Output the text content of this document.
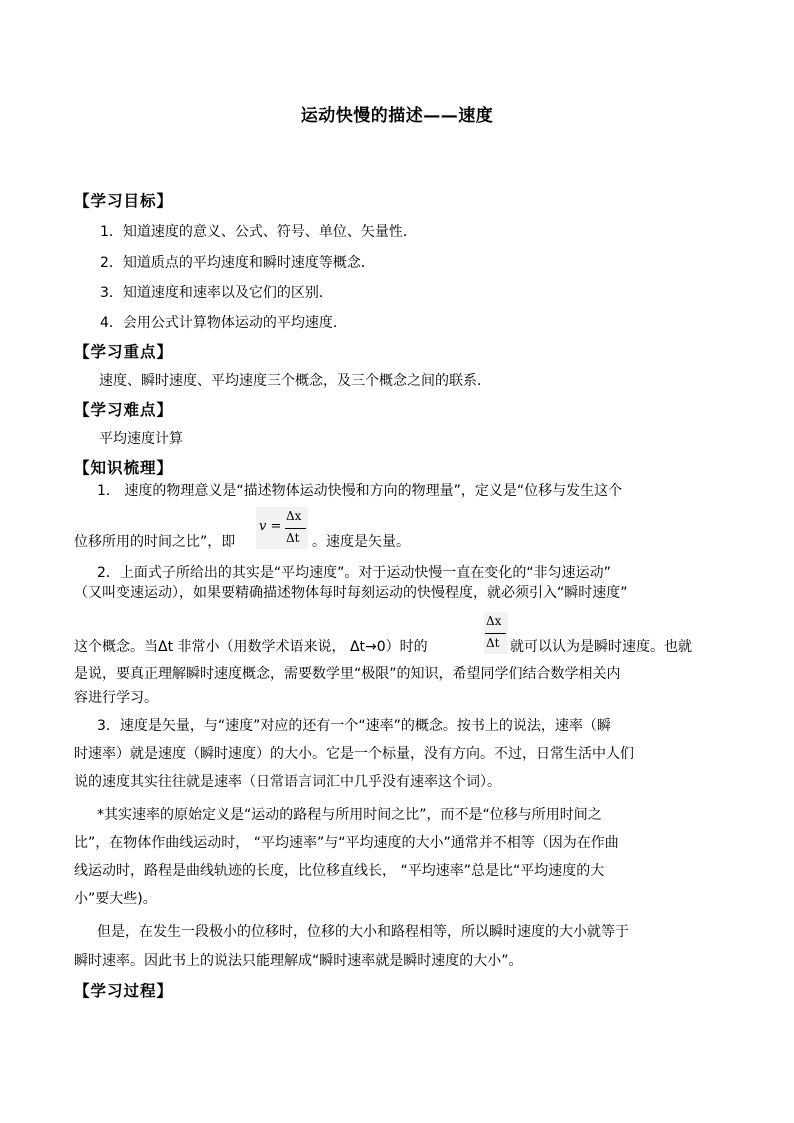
运动快慢的描述——速度
【学习目标】
1．知道速度的意义、公式、符号、单位、矢量性．
2．知道质点的平均速度和瞬时速度等概念．
3．知道速度和速率以及它们的区别．
4．会用公式计算物体运动的平均速度．
【学习重点】
速度、瞬时速度、平均速度三个概念，及三个概念之间的联系．
【学习难点】
平均速度计算
【知识梳理】
1． 速度的物理意义是“描述物体运动快慢和方向的物理量”，定义是“位移与发生这个
位移所用的时间之比”，即
v =
Δx
Δt 。速度是矢量。
2．上面式子所给出的其实是“平均速度”。对于运动快慢一直在变化的“非匀速运动”
（又叫变速运动），如果要精确描述物体每时每刻运动的快慢程度，就必须引入“瞬时速度”
这个概念。当Δt 非常小（用数学术语来说， Δt→0）时的
Δx
Δt 就可以认为是瞬时速度。也就
是说，要真正理解瞬时速度概念，需要数学里“极限”的知识，希望同学们结合数学相关内
容进行学习。
3．速度是矢量，与“速度”对应的还有一个“速率”的概念。按书上的说法，速率（瞬
时速率）就是速度（瞬时速度）的大小。它是一个标量，没有方向。不过，日常生活中人们
说的速度其实往往就是速率（日常语言词汇中几乎没有速率这个词）。
*其实速率的原始定义是“运动的路程与所用时间之比”，而不是“位移与所用时间之
比”，在物体作曲线运动时， “平均速率”与“平均速度的大小”通常并不相等（因为在作曲
线运动时，路程是曲线轨迹的长度，比位移直线长， “平均速率”总是比“平均速度的大
小”要大些)。
但是，在发生一段极小的位移时，位移的大小和路程相等，所以瞬时速度的大小就等于
瞬时速率。因此书上的说法只能理解成“瞬时速率就是瞬时速度的大小”。
【学习过程】
